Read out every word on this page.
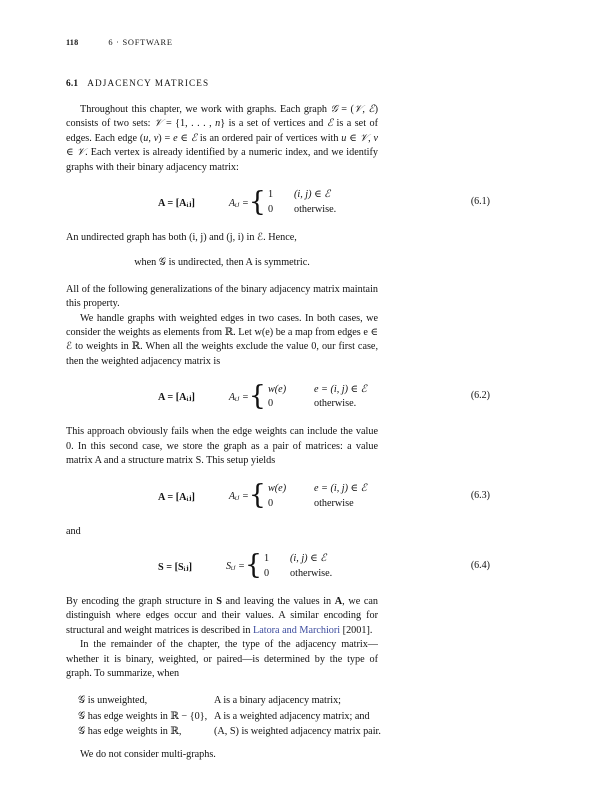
118	6 · SOFTWARE
6.1 ADJACENCY MATRICES

Throughout this chapter, we work with graphs. Each graph 𝒢 = (𝒱, ℰ) consists of two sets: 𝒱 = {1, . . . , n} is a set of vertices and ℰ is a set of edges. Each edge (u, v) = e ∈ ℰ is an ordered pair of vertices with u ∈ 𝒱, v ∈ 𝒱. Each vertex is already identified by a numeric index, and we identify graphs with their binary adjacency matrix:

A = [Aᵢⱼ]	Aᵢⱼ = { 1 (i, j) ∈ ℰ
0 otherwise.
(6.1)

An undirected graph has both (i, j) and (j, i) in ℰ. Hence,

when 𝒢 is undirected, then A is symmetric.

All of the following generalizations of the binary adjacency matrix maintain this property.

We handle graphs with weighted edges in two cases. In both cases, we consider the weights as elements from ℝ. Let w(e) be a map from edges e ∈ ℰ to weights in ℝ. When all the weights exclude the value 0, our first case, then the weighted adjacency matrix is

A = [Aᵢⱼ]	Aᵢⱼ = { w(e)	e = (i, j) ∈ ℰ
0	otherwise.
(6.2)

This approach obviously fails when the edge weights can include the value 0. In this second case, we store the graph as a pair of matrices: a value matrix A and a structure matrix S. This setup yields

A = [Aᵢⱼ]	Aᵢⱼ = { w(e)	e = (i, j) ∈ ℰ
0	otherwise
(6.3)

and

S = [Sᵢⱼ]	Sᵢⱼ = { 1 (i, j) ∈ ℰ
0 otherwise.
(6.4)

By encoding the graph structure in S and leaving the values in A, we can distinguish where edges occur and their values. A similar encoding for structural and weight matrices is described in Latora and Marchiori [2001].

In the remainder of the chapter, the type of the adjacency matrix—whether it is binary, weighted, or paired—is determined by the type of graph. To summarize, when

𝒢 is unweighted,	A is a binary adjacency matrix;
𝒢 has edge weights in ℝ − {0},	A is a weighted adjacency matrix; and
𝒢 has edge weights in ℝ,	(A, S) is weighted adjacency matrix pair.

We do not consider multi-graphs.
